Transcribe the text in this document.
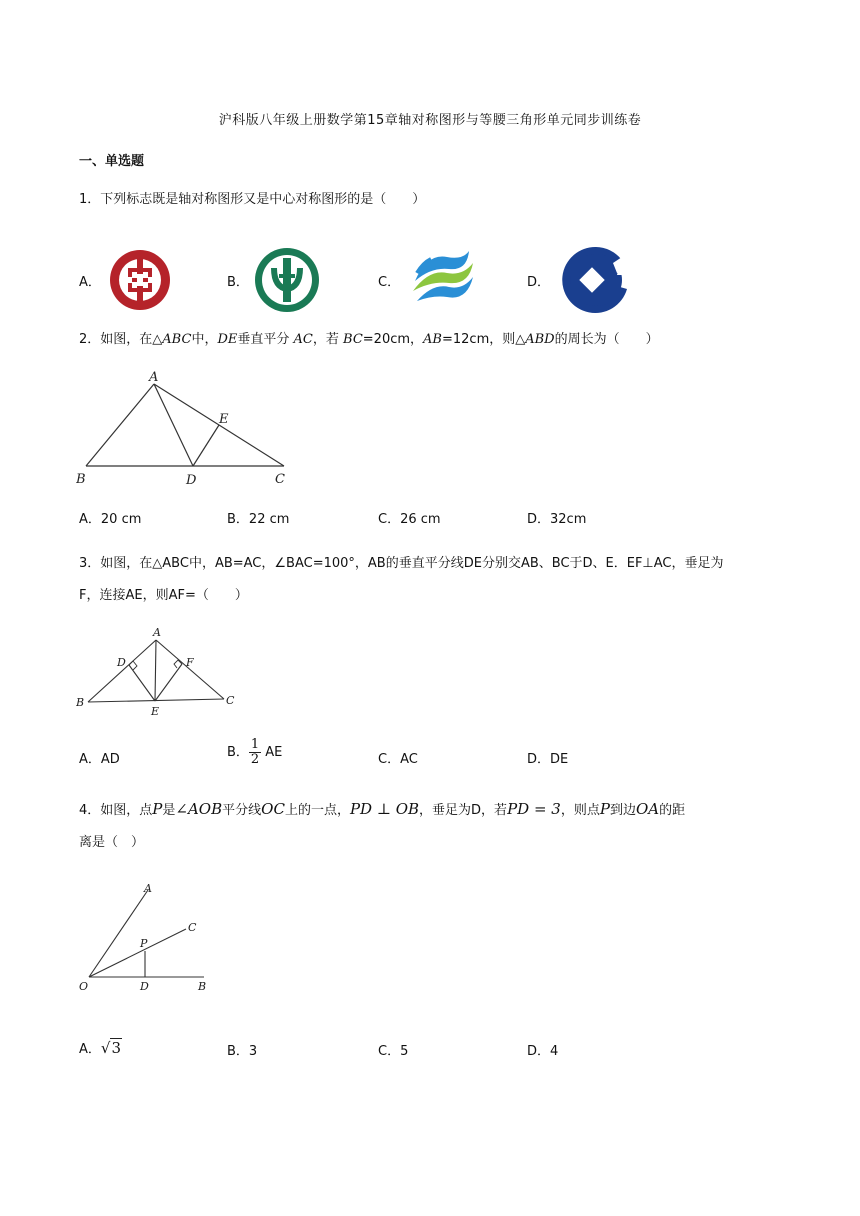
沪科版八年级上册数学第15章轴对称图形与等腰三角形单元同步训练卷
一、单选题
1．下列标志既是轴对称图形又是中心对称图形的是（　　）
A．	B．	C．	D．
2．如图，在△ABC中，DE垂直平分 AC，若 BC=20cm，AB=12cm，则△ABD的周长为（　　）
A
B	D	C
E
A．20 cm	B．22 cm	C．26 cm	D．32cm
3．如图，在△ABC中，AB=AC，∠BAC=100°，AB的垂直平分线DE分别交AB、BC于D、E．EF⊥AC，垂足为
F，连接AE，则AF=（　　）
A
B	C
D
E
F
A．AD	B． $\frac{1}{2}$ AE	C．AC	D．DE
4．如图，点P是∠AOB平分线OC上的一点，PD ⊥ OB，垂足为D，若PD = 3，则点P到边OA的距
离是（　）
A
C
P
O	D	B
A．√3	B．3	C．5	D．4
